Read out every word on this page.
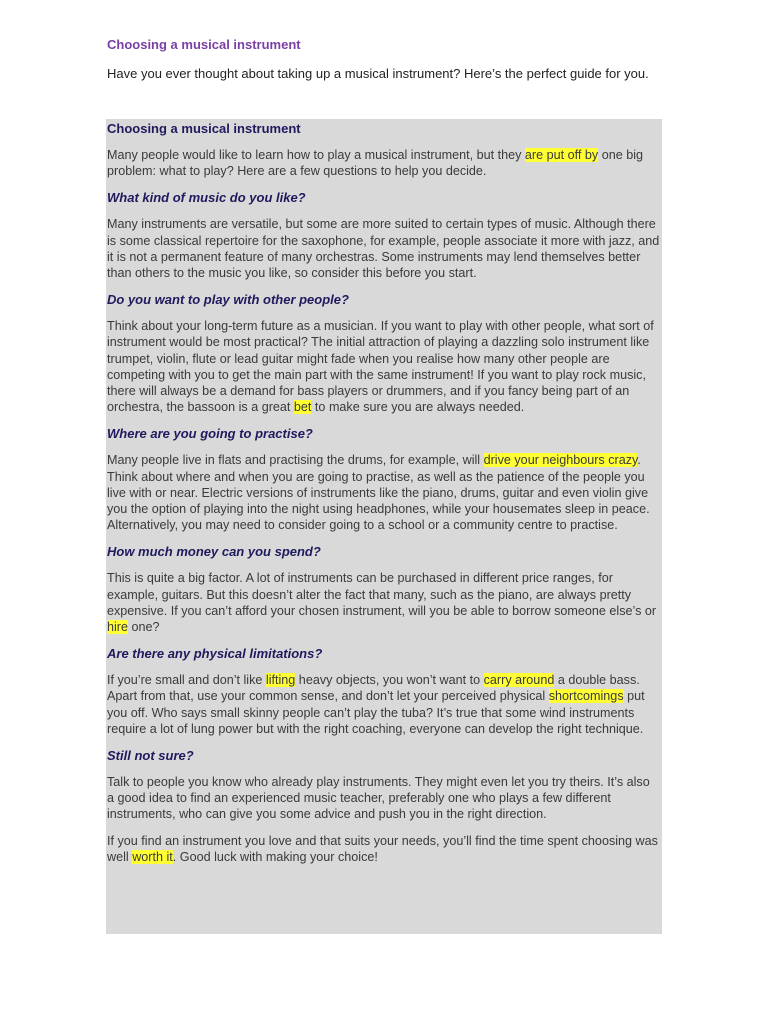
Choosing a musical instrument

Have you ever thought about taking up a musical instrument? Here’s the perfect guide for you.

Choosing a musical instrument

Many people would like to learn how to play a musical instrument, but they are put off by one big problem: what to play? Here are a few questions to help you decide.

What kind of music do you like?

Many instruments are versatile, but some are more suited to certain types of music. Although there is some classical repertoire for the saxophone, for example, people associate it more with jazz, and it is not a permanent feature of many orchestras. Some instruments may lend themselves better than others to the music you like, so consider this before you start.

Do you want to play with other people?

Think about your long-term future as a musician. If you want to play with other people, what sort of instrument would be most practical? The initial attraction of playing a dazzling solo instrument like trumpet, violin, flute or lead guitar might fade when you realise how many other people are competing with you to get the main part with the same instrument! If you want to play rock music, there will always be a demand for bass players or drummers, and if you fancy being part of an orchestra, the bassoon is a great bet to make sure you are always needed.

Where are you going to practise?

Many people live in flats and practising the drums, for example, will drive your neighbours crazy. Think about where and when you are going to practise, as well as the patience of the people you live with or near. Electric versions of instruments like the piano, drums, guitar and even violin give you the option of playing into the night using headphones, while your housemates sleep in peace. Alternatively, you may need to consider going to a school or a community centre to practise.

How much money can you spend?

This is quite a big factor. A lot of instruments can be purchased in different price ranges, for example, guitars. But this doesn’t alter the fact that many, such as the piano, are always pretty expensive. If you can’t afford your chosen instrument, will you be able to borrow someone else’s or hire one?

Are there any physical limitations?

If you’re small and don’t like lifting heavy objects, you won’t want to carry around a double bass. Apart from that, use your common sense, and don’t let your perceived physical shortcomings put you off. Who says small skinny people can’t play the tuba? It’s true that some wind instruments require a lot of lung power but with the right coaching, everyone can develop the right technique.

Still not sure?

Talk to people you know who already play instruments. They might even let you try theirs. It’s also a good idea to find an experienced music teacher, preferably one who plays a few different instruments, who can give you some advice and push you in the right direction.

If you find an instrument you love and that suits your needs, you’ll find the time spent choosing was well worth it. Good luck with making your choice!
